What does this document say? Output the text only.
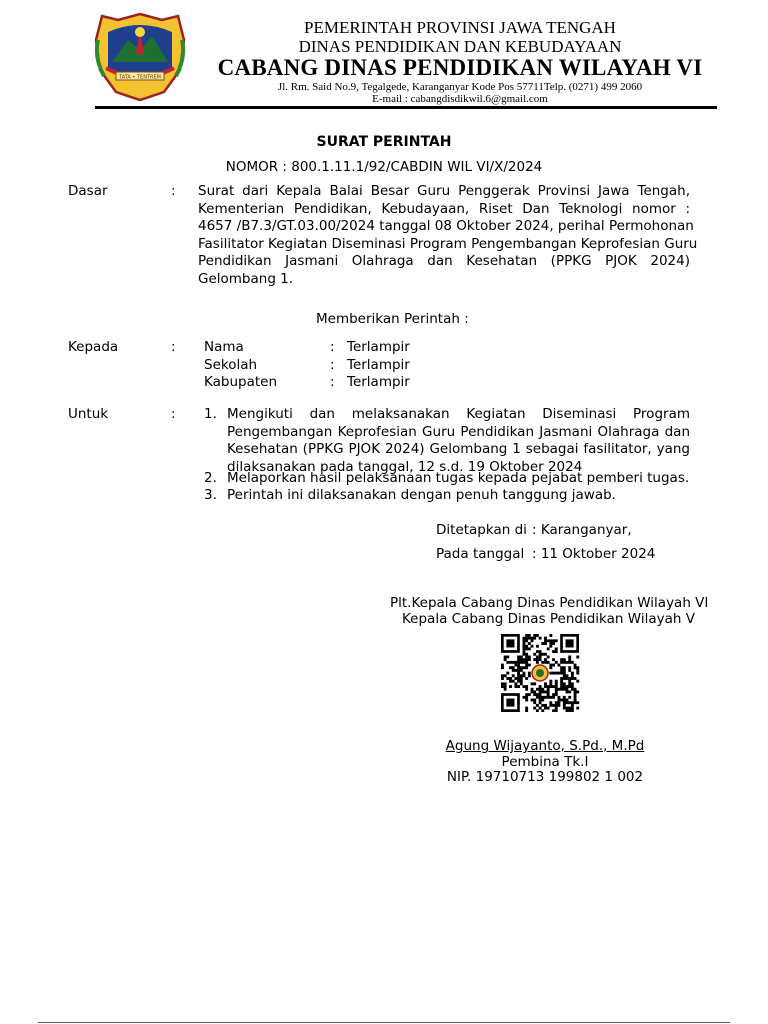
TATA • TENTREM
PEMERINTAH PROVINSI JAWA TENGAH
DINAS PENDIDIKAN DAN KEBUDAYAAN
CABANG DINAS PENDIDIKAN WILAYAH VI
Jl. Rm. Said No.9, Tegalgede, Karanganyar Kode Pos 57711Telp. (0271) 499 2060
E-mail : cabangdisdikwil.6@gmail.com
SURAT PERINTAH
NOMOR : 800.1.11.1/92/CABDIN WIL VI/X/2024
Dasar	: Surat dari Kepala Balai Besar Guru Penggerak Provinsi Jawa Tengah,
Kementerian Pendidikan, Kebudayaan, Riset Dan Teknologi nomor :
4657 /B7.3/GT.03.00/2024 tanggal 08 Oktober 2024, perihal Permohonan
Fasilitator Kegiatan Diseminasi Program Pengembangan Keprofesian Guru
Pendidikan Jasmani Olahraga dan Kesehatan (PPKG PJOK 2024)
Gelombang 1.
Memberikan Perintah :
Kepada	: Nama	: Terlampir
Sekolah	: Terlampir
Kabupaten	: Terlampir
Untuk	: 1. Mengikuti dan melaksanakan Kegiatan Diseminasi Program
Pengembangan Keprofesian Guru Pendidikan Jasmani Olahraga dan
Kesehatan (PPKG PJOK 2024) Gelombang 1 sebagai fasilitator, yang
dilaksanakan pada tanggal, 12 s.d. 19 Oktober 2024
2. Melaporkan hasil pelaksanaan tugas kepada pejabat pemberi tugas.
3. Perintah ini dilaksanakan dengan penuh tanggung jawab.
Ditetapkan di : Karanganyar,
Pada tanggal : 11 Oktober 2024
Plt.Kepala Cabang Dinas Pendidikan Wilayah VI
Kepala Cabang Dinas Pendidikan Wilayah V
Agung Wijayanto, S.Pd., M.Pd
Pembina Tk.I
NIP. 19710713 199802 1 002
